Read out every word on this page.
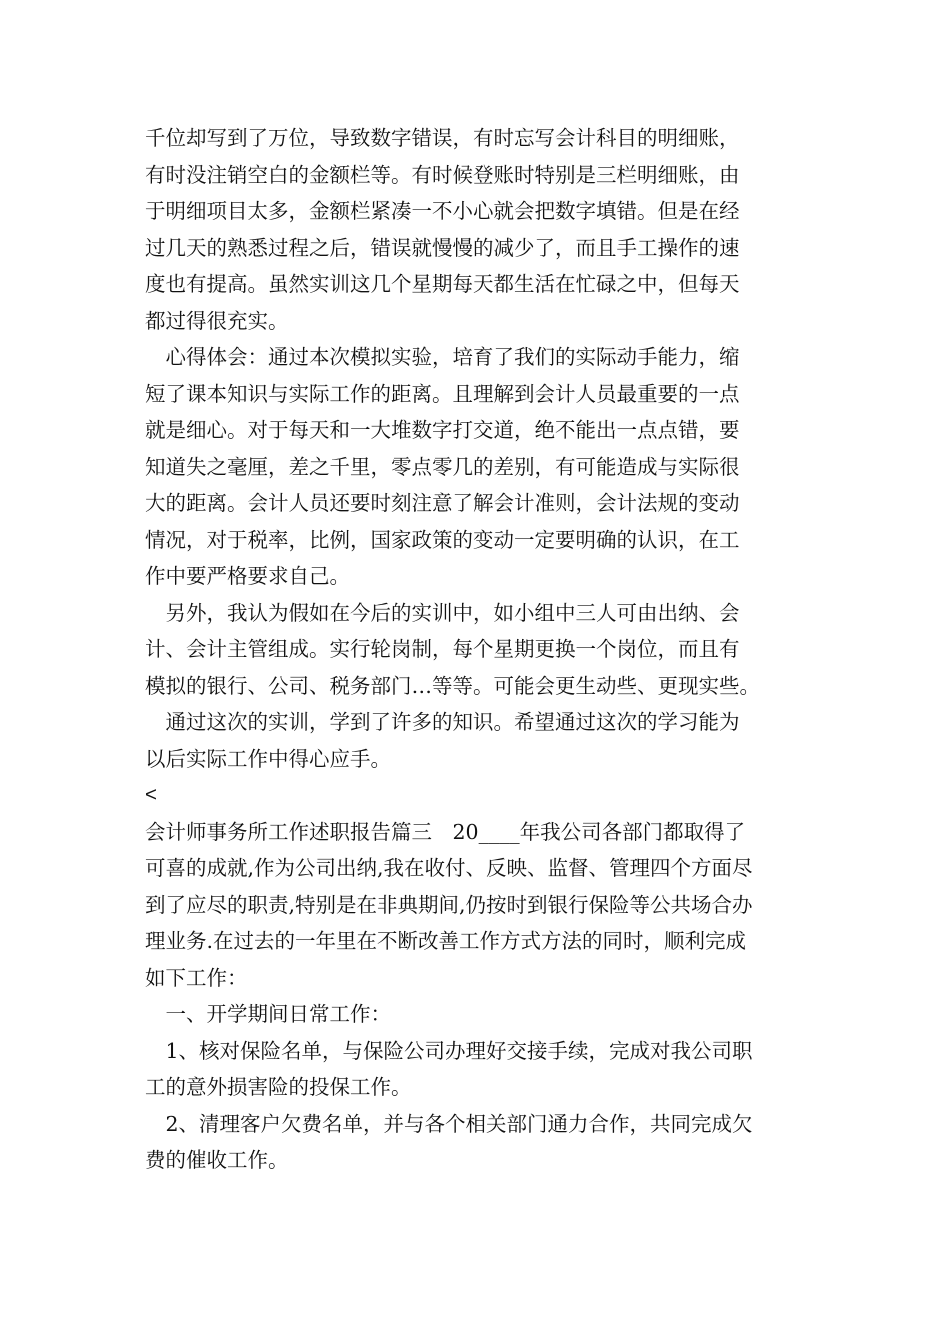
千位却写到了万位，导致数字错误，有时忘写会计科目的明细账，
有时没注销空白的金额栏等。有时候登账时特别是三栏明细账，由
于明细项目太多，金额栏紧凑一不小心就会把数字填错。但是在经
过几天的熟悉过程之后，错误就慢慢的减少了，而且手工操作的速
度也有提高。虽然实训这几个星期每天都生活在忙碌之中，但每天
都过得很充实。
　心得体会：通过本次模拟实验，培育了我们的实际动手能力，缩
短了课本知识与实际工作的距离。且理解到会计人员最重要的一点
就是细心。对于每天和一大堆数字打交道，绝不能出一点点错，要
知道失之毫厘，差之千里，零点零几的差别，有可能造成与实际很
大的距离。会计人员还要时刻注意了解会计准则，会计法规的变动
情况，对于税率，比例，国家政策的变动一定要明确的认识，在工
作中要严格要求自己。
　另外，我认为假如在今后的实训中，如小组中三人可由出纳、会
计、会计主管组成。实行轮岗制，每个星期更换一个岗位，而且有
模拟的银行、公司、税务部门…等等。可能会更生动些、更现实些。
　通过这次的实训，学到了许多的知识。希望通过这次的学习能为
以后实际工作中得心应手。
<
会计师事务所工作述职报告篇三　20____年我公司各部门都取得了
可喜的成就,作为公司出纳,我在收付、反映、监督、管理四个方面尽
到了应尽的职责,特别是在非典期间,仍按时到银行保险等公共场合办
理业务.在过去的一年里在不断改善工作方式方法的同时，顺利完成
如下工作：
　一、开学期间日常工作：
　1、核对保险名单，与保险公司办理好交接手续，完成对我公司职
工的意外损害险的投保工作。
　2、清理客户欠费名单，并与各个相关部门通力合作，共同完成欠
费的催收工作。
